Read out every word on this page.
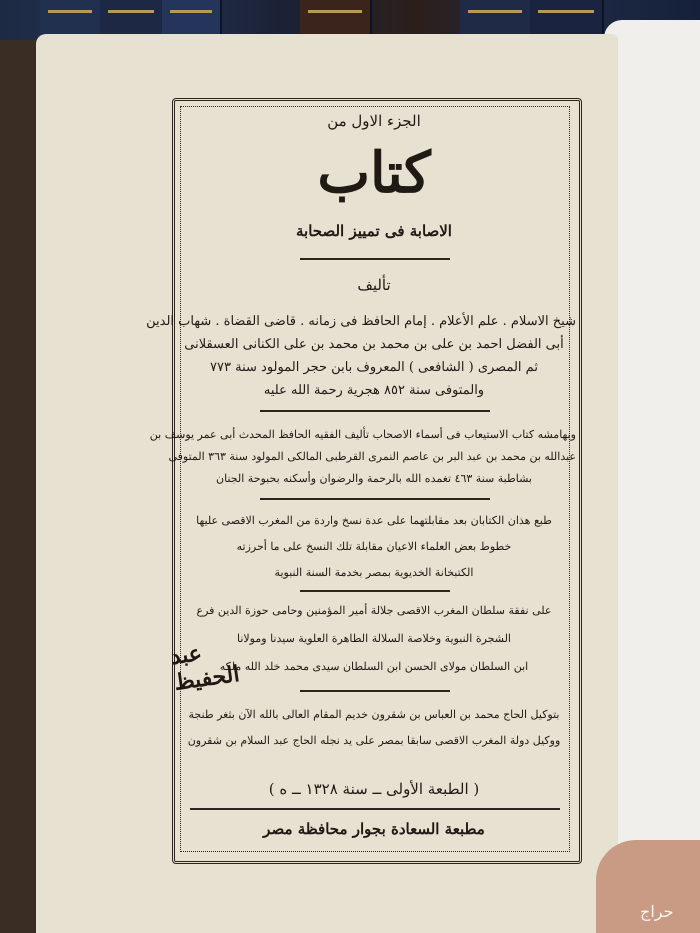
الجزء الاول من
كتاب
الاصابة فى تمييز الصحابة
تأليف
شيخ الاسلام . علم الأعلام . إمام الحافظ فى زمانه . قاضى القضاة . شهاب الدين
أبى الفضل احمد بن على بن محمد بن محمد بن على الكنانى العسقلانى
ثم المصرى ( الشافعى ) المعروف بابن حجر المولود سنة ٧٧٣
والمتوفى سنة ٨٥٢ هجرية رحمة الله عليه
وبهامشه كتاب الاستيعاب فى أسماء الاصحاب تأليف الفقيه الحافظ المحدث أبى عمر يوسف بن
عبدالله بن محمد بن عبد البر بن عاصم النمرى القرطبى المالكى المولود سنة ٣٦٣ المتوفى
بشاطبة سنة ٤٦٣ تغمده الله بالرحمة والرضوان وأسكنه بحبوحة الجنان
طبع هذان الكتابان بعد مقابلتهما على عدة نسخ واردة من المغرب الاقصى عليها
خطوط بعض العلماء الاعيان مقابلة تلك النسخ على ما أحرزته
الكتبخانة الخديوية بمصر بخدمة السنة النبوية
على نفقة سلطان المغرب الاقصى جلالة أمير المؤمنين وحامى حوزة الدين فرع
الشجرة النبوية وخلاصة السلالة الطاهرة العلوية سيدنا ومولانا
ابن السلطان مولاى الحسن ابن السلطان سيدى محمد خلد الله ملكه
عبد الحفيظ
بتوكيل الحاج محمد بن العباس بن شقرون خديم المقام العالى بالله الآن بثغر طنجة
ووكيل دولة المغرب الاقصى سابقا بمصر على يد نجله الحاج عبد السلام بن شقرون
( الطبعة الأولى ــ سنة ١٣٢٨ ــ ه )
مطبعة السعادة بجوار محافظة مصر
حراج
